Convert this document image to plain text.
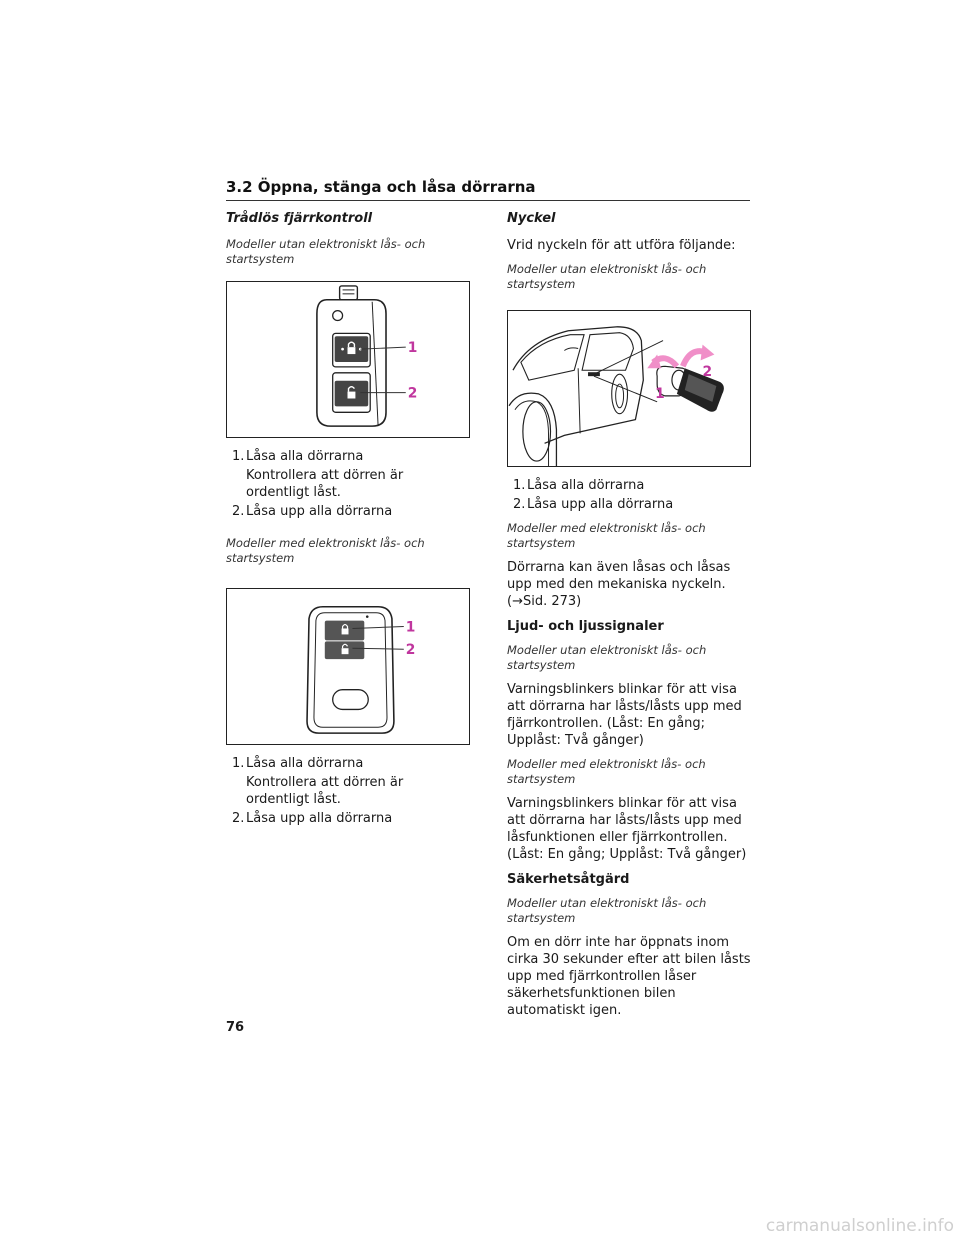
3.2 Öppna, stänga och låsa dörrarna
Trådlös fjärrkontroll
Modeller utan elektroniskt lås- och startsystem
1
2
1. Låsa alla dörrarna
Kontrollera att dörren är ordentligt låst.
2. Låsa upp alla dörrarna
Modeller med elektroniskt lås- och startsystem
1
2
1. Låsa alla dörrarna
Kontrollera att dörren är ordentligt låst.
2. Låsa upp alla dörrarna
Nyckel
Vrid nyckeln för att utföra följande:
Modeller utan elektroniskt lås- och startsystem
2
1
1. Låsa alla dörrarna
2. Låsa upp alla dörrarna
Modeller med elektroniskt lås- och startsystem
Dörrarna kan även låsas och låsas upp med den mekaniska nyckeln. (→Sid. 273)
Ljud- och ljussignaler
Modeller utan elektroniskt lås- och startsystem
Varningsblinkers blinkar för att visa att dörrarna har låsts/låsts upp med fjärrkontrollen. (Låst: En gång; Upplåst: Två gånger)
Modeller med elektroniskt lås- och startsystem
Varningsblinkers blinkar för att visa att dörrarna har låsts/låsts upp med låsfunktionen eller fjärrkontrollen. (Låst: En gång; Upplåst: Två gånger)
Säkerhetsåtgärd
Modeller utan elektroniskt lås- och startsystem
Om en dörr inte har öppnats inom cirka 30 sekunder efter att bilen låsts upp med fjärrkontrollen låser säkerhetsfunktionen bilen automatiskt igen.
76
carmanualsonline.info
